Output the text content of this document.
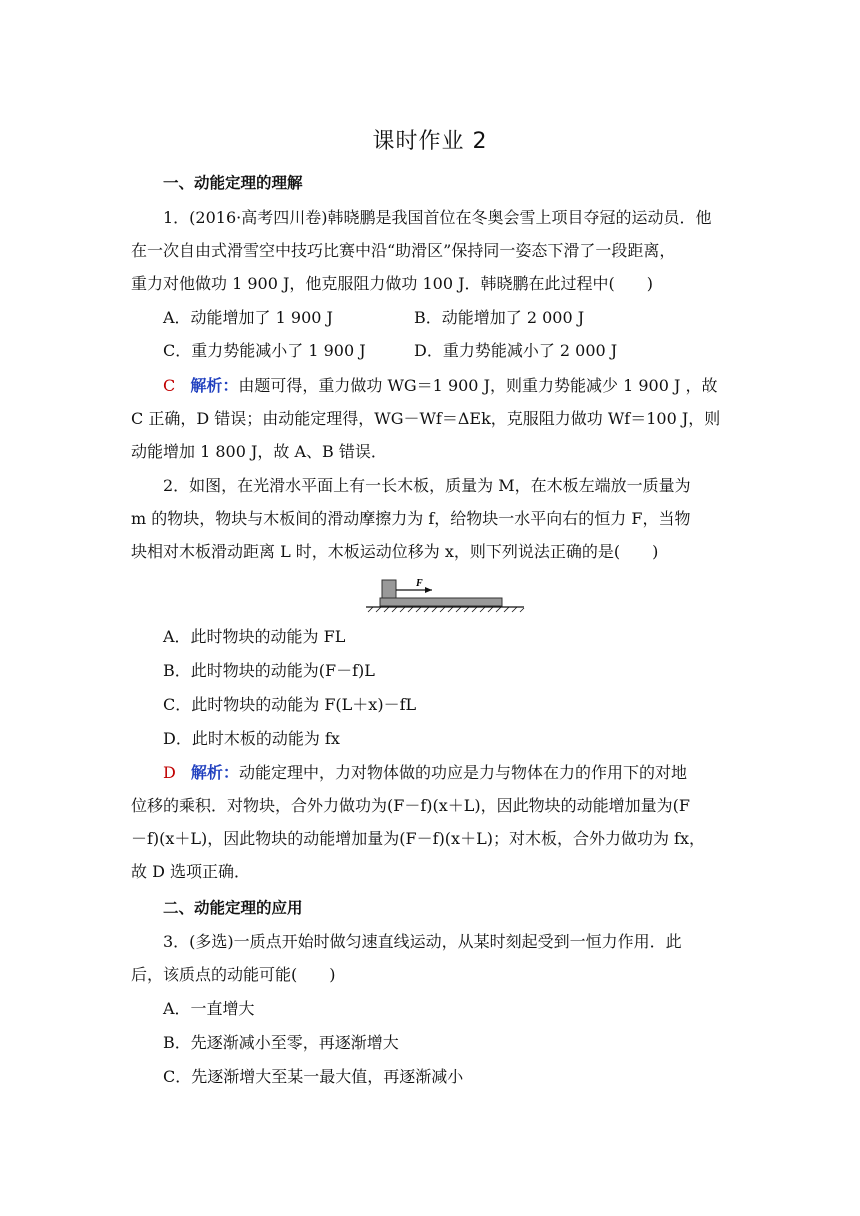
课时作业 2
一、动能定理的理解
1．(2016·高考四川卷)韩晓鹏是我国首位在冬奥会雪上项目夺冠的运动员．他
在一次自由式滑雪空中技巧比赛中沿“助滑区”保持同一姿态下滑了一段距离，
重力对他做功 1 900 J，他克服阻力做功 100 J．韩晓鹏在此过程中(　　)
A．动能增加了 1 900 J	B．动能增加了 2 000 J
C．重力势能减小了 1 900 J	D．重力势能减小了 2 000 J
C 解析：由题可得，重力做功 WG＝1 900 J，则重力势能减少 1 900 J ，故
C 正确，D 错误；由动能定理得，WG－Wf＝ΔEk，克服阻力做功 Wf＝100 J，则
动能增加 1 800 J，故 A、B 错误．
2．如图，在光滑水平面上有一长木板，质量为 M，在木板左端放一质量为
m 的物块，物块与木板间的滑动摩擦力为 f，给物块一水平向右的恒力 F，当物
块相对木板滑动距离 L 时，木板运动位移为 x，则下列说法正确的是(　　)
F
A．此时物块的动能为 FL
B．此时物块的动能为(F－f)L
C．此时物块的动能为 F(L＋x)－fL
D．此时木板的动能为 fx
D 解析：动能定理中，力对物体做的功应是力与物体在力的作用下的对地
位移的乘积．对物块，合外力做功为(F－f)(x＋L)，因此物块的动能增加量为(F
－f)(x＋L)，因此物块的动能增加量为(F－f)(x＋L)；对木板，合外力做功为 fx，
故 D 选项正确．
二、动能定理的应用
3．(多选)一质点开始时做匀速直线运动，从某时刻起受到一恒力作用．此
后，该质点的动能可能(　　)
A．一直增大
B．先逐渐减小至零，再逐渐增大
C．先逐渐增大至某一最大值，再逐渐减小
